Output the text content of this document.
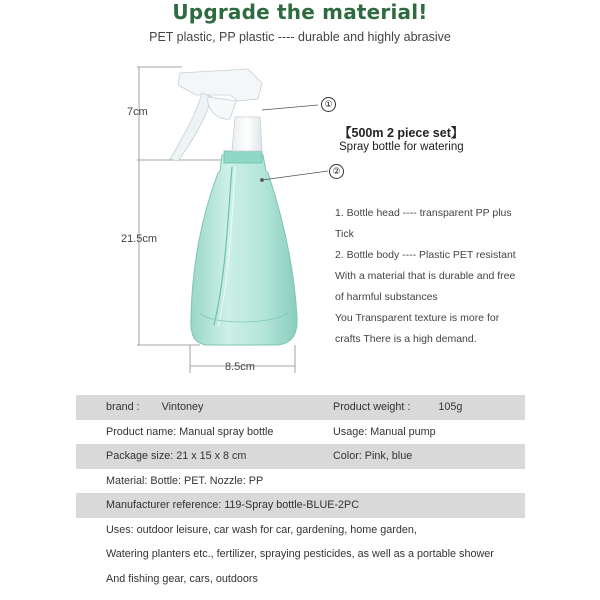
Upgrade the material!
PET plastic, PP plastic ---- durable and highly abrasive
7cm
21.5cm
8.5cm
①
②
【500m 2 piece set】
Spray bottle for watering

1. Bottle head ---- transparent PP plus

Tick

2. Bottle body ---- Plastic PET resistant

With a material that is durable and free

of harmful substances

You Transparent texture is more for

crafts There is a high demand.

brand : Vintoney	Product weight :	105g
Product name: Manual spray bottle	Usage: Manual pump
Package size: 21 x 15 x 8 cm	Color: Pink, blue
Material: Bottle: PET. Nozzle: PP
Manufacturer reference: 119-Spray bottle-BLUE-2PC
Uses: outdoor leisure, car wash for car, gardening, home garden,
Watering planters etc., fertilizer, spraying pesticides, as well as a portable shower
And fishing gear, cars, outdoors
